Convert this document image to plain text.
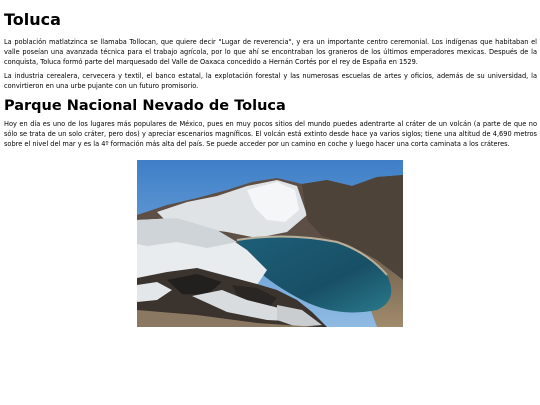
Toluca

La población matlatzinca se llamaba Tollocan, que quiere decir "Lugar de reverencia", y era un importante centro ceremonial. Los indígenas que habitaban el valle poseían una avanzada técnica para el trabajo agrícola, por lo que ahí se encontraban los graneros de los últimos emperadores mexicas. Después de la conquista, Toluca formó parte del marquesado del Valle de Oaxaca concedido a Hernán Cortés por el rey de España en 1529.

La industria cerealera, cervecera y textil, el banco estatal, la explotación forestal y las numerosas escuelas de artes y oficios, además de su universidad, la convirtieron en una urbe pujante con un futuro promisorio.

Parque Nacional Nevado de Toluca

Hoy en día es uno de los lugares más populares de México, pues en muy pocos sitios del mundo puedes adentrarte al cráter de un volcán (a parte de que no sólo se trata de un solo cráter, pero dos) y apreciar escenarios magníficos. El volcán está extinto desde hace ya varios siglos; tiene una altitud de 4,690 metros sobre el nivel del mar y es la 4º formación más alta del país. Se puede acceder por un camino en coche y luego hacer una corta caminata a los cráteres.
